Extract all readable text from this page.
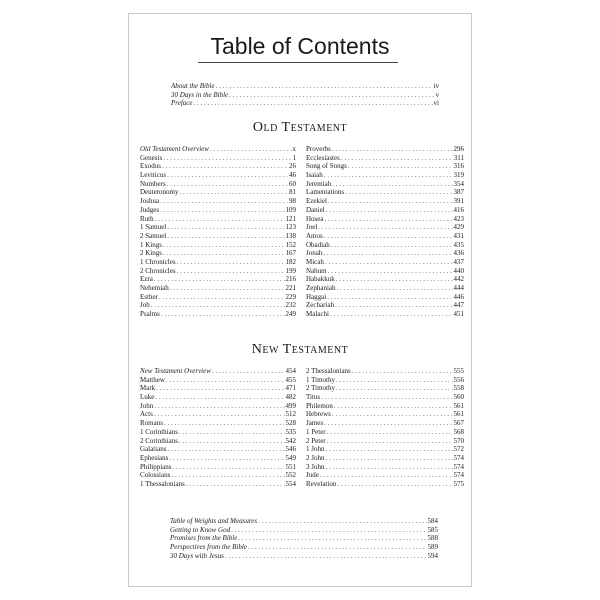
Table of Contents
About the Bible . . .	iv
30 Days in the Bible . . .	v
Preface . . .	vi
Old Testament
Old Testament Overview . . .	x
Genesis . . .	1
Exodus . . .	26
Leviticus . . .	46
Numbers . . .	60
Deuteronomy . . .	81
Joshua . . .	98
Judges . . .	109
Ruth . . .	121
1 Samuel . . .	123
2 Samuel . . .	138
1 Kings . . .	152
2 Kings . . .	167
1 Chronicles . . .	182
2 Chronicles . . .	199
Ezra . . .	216
Nehemiah . . .	221
Esther . . .	229
Job . . .	232
Psalms . . .	249
Proverbs . . .	296
Ecclesiastes . . .	311
Song of Songs . . .	316
Isaiah . . .	319
Jeremiah . . .	354
Lamentations . . .	387
Ezekiel . . .	391
Daniel . . .	416
Hosea . . .	423
Joel . . .	429
Amos . . .	431
Obadiah . . .	435
Jonah . . .	436
Micah . . .	437
Nahum . . .	440
Habakkuk . . .	442
Zephaniah . . .	444
Haggai . . .	446
Zechariah . . .	447
Malachi . . .	451
New Testament
New Testament Overview . . .	454
Matthew . . .	455
Mark . . .	471
Luke . . .	482
John . . .	499
Acts . . .	512
Romans . . .	528
1 Corinthians . . .	535
2 Corinthians . . .	542
Galatians . . .	546
Ephesians . . .	549
Philippians . . .	551
Colossians . . .	552
1 Thessalonians . . .	554
2 Thessalonians . . .	555
1 Timothy . . .	556
2 Timothy . . .	558
Titus . . .	560
Philemon . . .	561
Hebrews . . .	561
James . . .	567
1 Peter . . .	568
2 Peter . . .	570
1 John . . .	572
2 John . . .	574
3 John . . .	574
Jude . . .	574
Revelation . . .	575
Table of Weights and Measures . . .	584
Getting to Know God . . .	585
Promises from the Bible . . .	588
Perspectives from the Bible . . .	589
30 Days with Jesus . . .	594
